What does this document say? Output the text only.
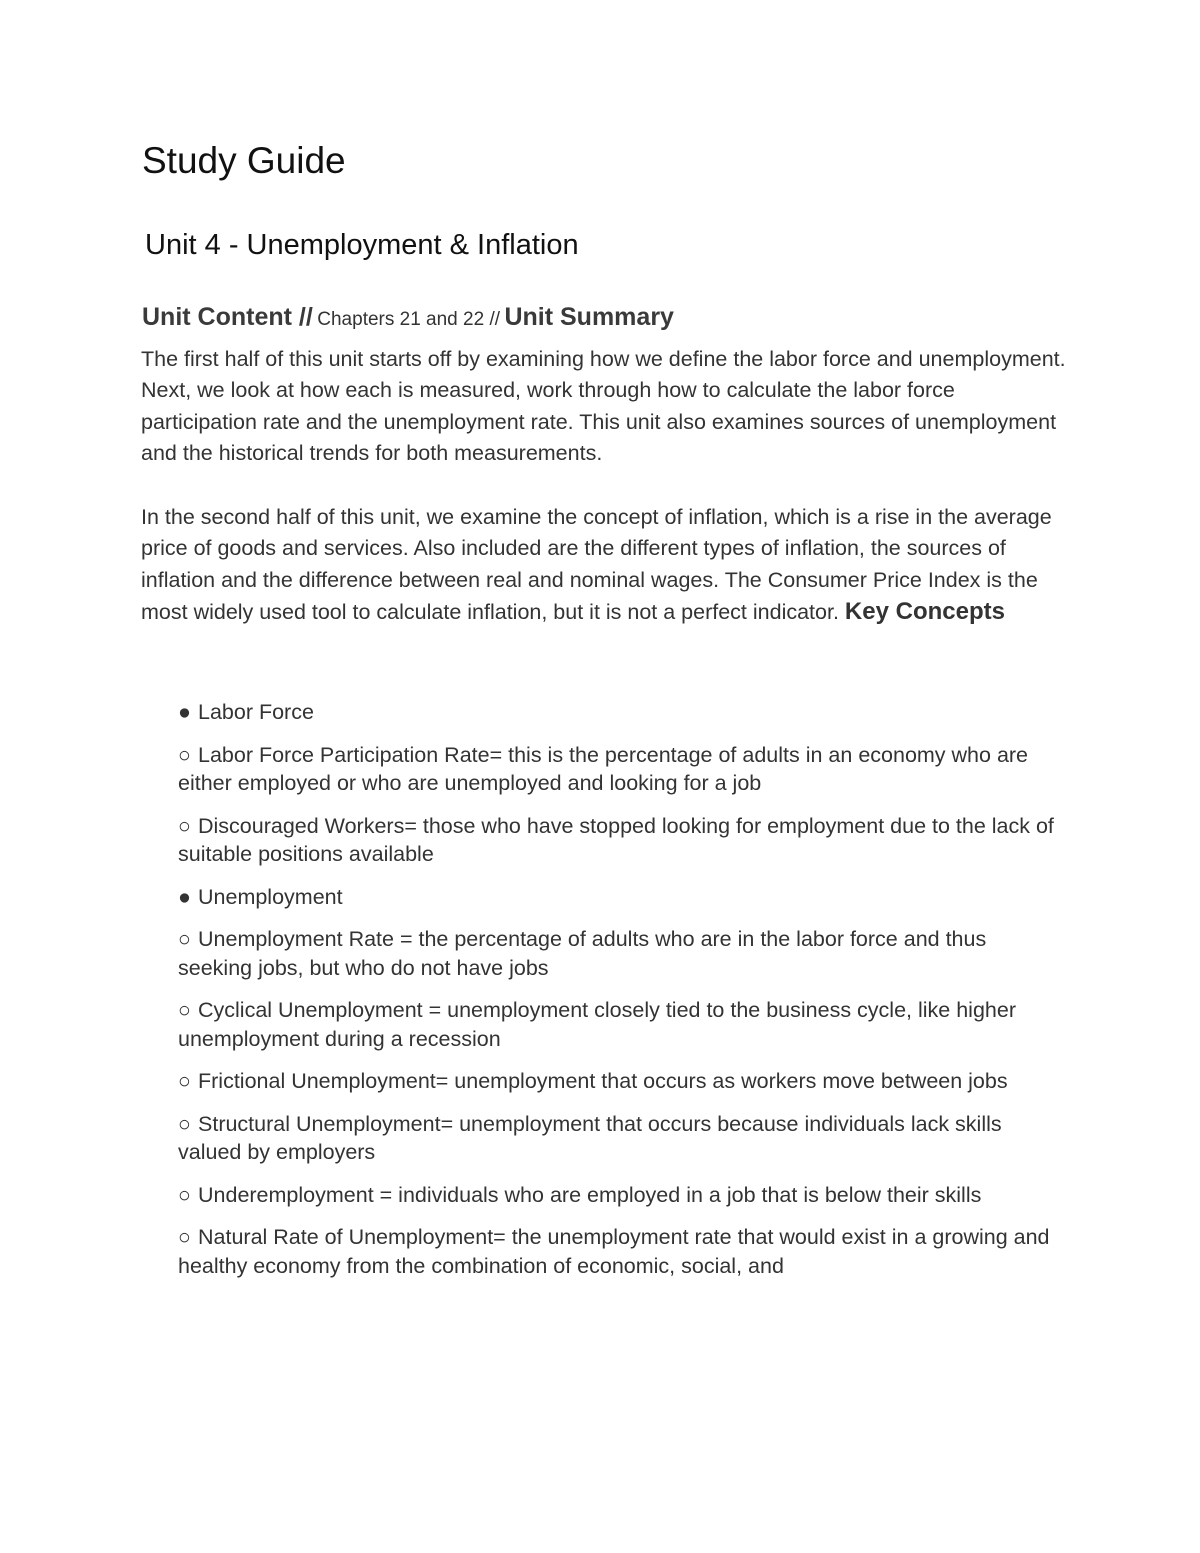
Study Guide
Unit 4 - Unemployment & Inflation

Unit Content // Chapters 21 and 22 // Unit Summary

The first half of this unit starts off by examining how we define the labor force and unemployment. Next, we look at how each is measured, work through how to calculate the labor force participation rate and the unemployment rate. This unit also examines sources of unemployment and the historical trends for both measurements.

In the second half of this unit, we examine the concept of inflation, which is a rise in the average price of goods and services. Also included are the different types of inflation, the sources of inflation and the difference between real and nominal wages. The Consumer Price Index is the most widely used tool to calculate inflation, but it is not a perfect indicator. Key Concepts

● Labor Force
○ Labor Force Participation Rate= this is the percentage of adults in an economy who are either employed or who are unemployed and looking for a job
○ Discouraged Workers= those who have stopped looking for employment due to the lack of suitable positions available
● Unemployment
○ Unemployment Rate = the percentage of adults who are in the labor force and thus seeking jobs, but who do not have jobs
○ Cyclical Unemployment = unemployment closely tied to the business cycle, like higher unemployment during a recession
○ Frictional Unemployment= unemployment that occurs as workers move between jobs
○ Structural Unemployment= unemployment that occurs because individuals lack skills valued by employers
○ Underemployment = individuals who are employed in a job that is below their skills
○ Natural Rate of Unemployment= the unemployment rate that would exist in a growing and healthy economy from the combination of economic, social, and
